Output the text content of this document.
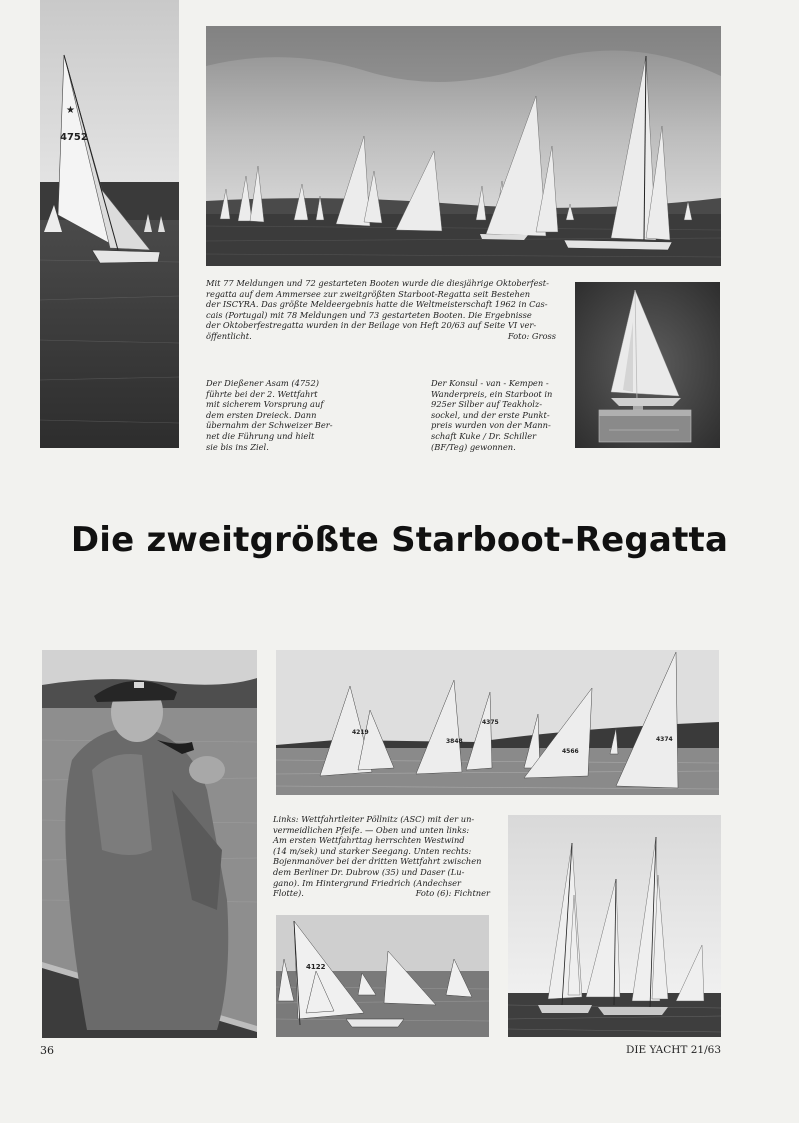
★
4752

Mit 77 Meldungen und 72 gestarteten Booten wurde die diesjährige Oktoberfest-

regatta auf dem Ammersee zur zweitgrößten Starboot-Regatta seit Bestehen

der ISCYRA. Das größte Meldeergebnis hatte die Weltmeisterschaft 1962 in Cas-

cais (Portugal) mit 78 Meldungen und 73 gestarteten Booten. Die Ergebnisse

der Oktoberfestregatta wurden in der Beilage von Heft 20/63 auf Seite VI ver-

öffentlicht.	Foto: Gross

Der Dießener Asam (4752)

führte bei der 2. Wettfahrt

mit sicherem Vorsprung auf

dem ersten Dreieck. Dann

übernahm der Schweizer Ber-

net die Führung und hielt

sie bis ins Ziel.

Der Konsul - van - Kempen -

Wanderpreis, ein Starboot in

925er Silber auf Teakholz-

sockel, und der erste Punkt-

preis wurden von der Mann-

schaft Kuke / Dr. Schiller

(BF/Teg) gewonnen.

Die zweitgrößte Starboot-Regatta
4219
3848
4375
4566
4374

Links: Wettfahrtleiter Pöllnitz (ASC) mit der un-

vermeidlichen Pfeife. — Oben und unten links:

Am ersten Wettfahrttag herrschten Westwind

(14 m/sek) und starker Seegang. Unten rechts:

Bojenmanöver bei der dritten Wettfahrt zwischen

dem Berliner Dr. Dubrow (35) und Daser (Lu-

gano). Im Hintergrund Friedrich (Andechser

Flotte).	Foto (6): Fichtner
4122
36	DIE YACHT 21/63
